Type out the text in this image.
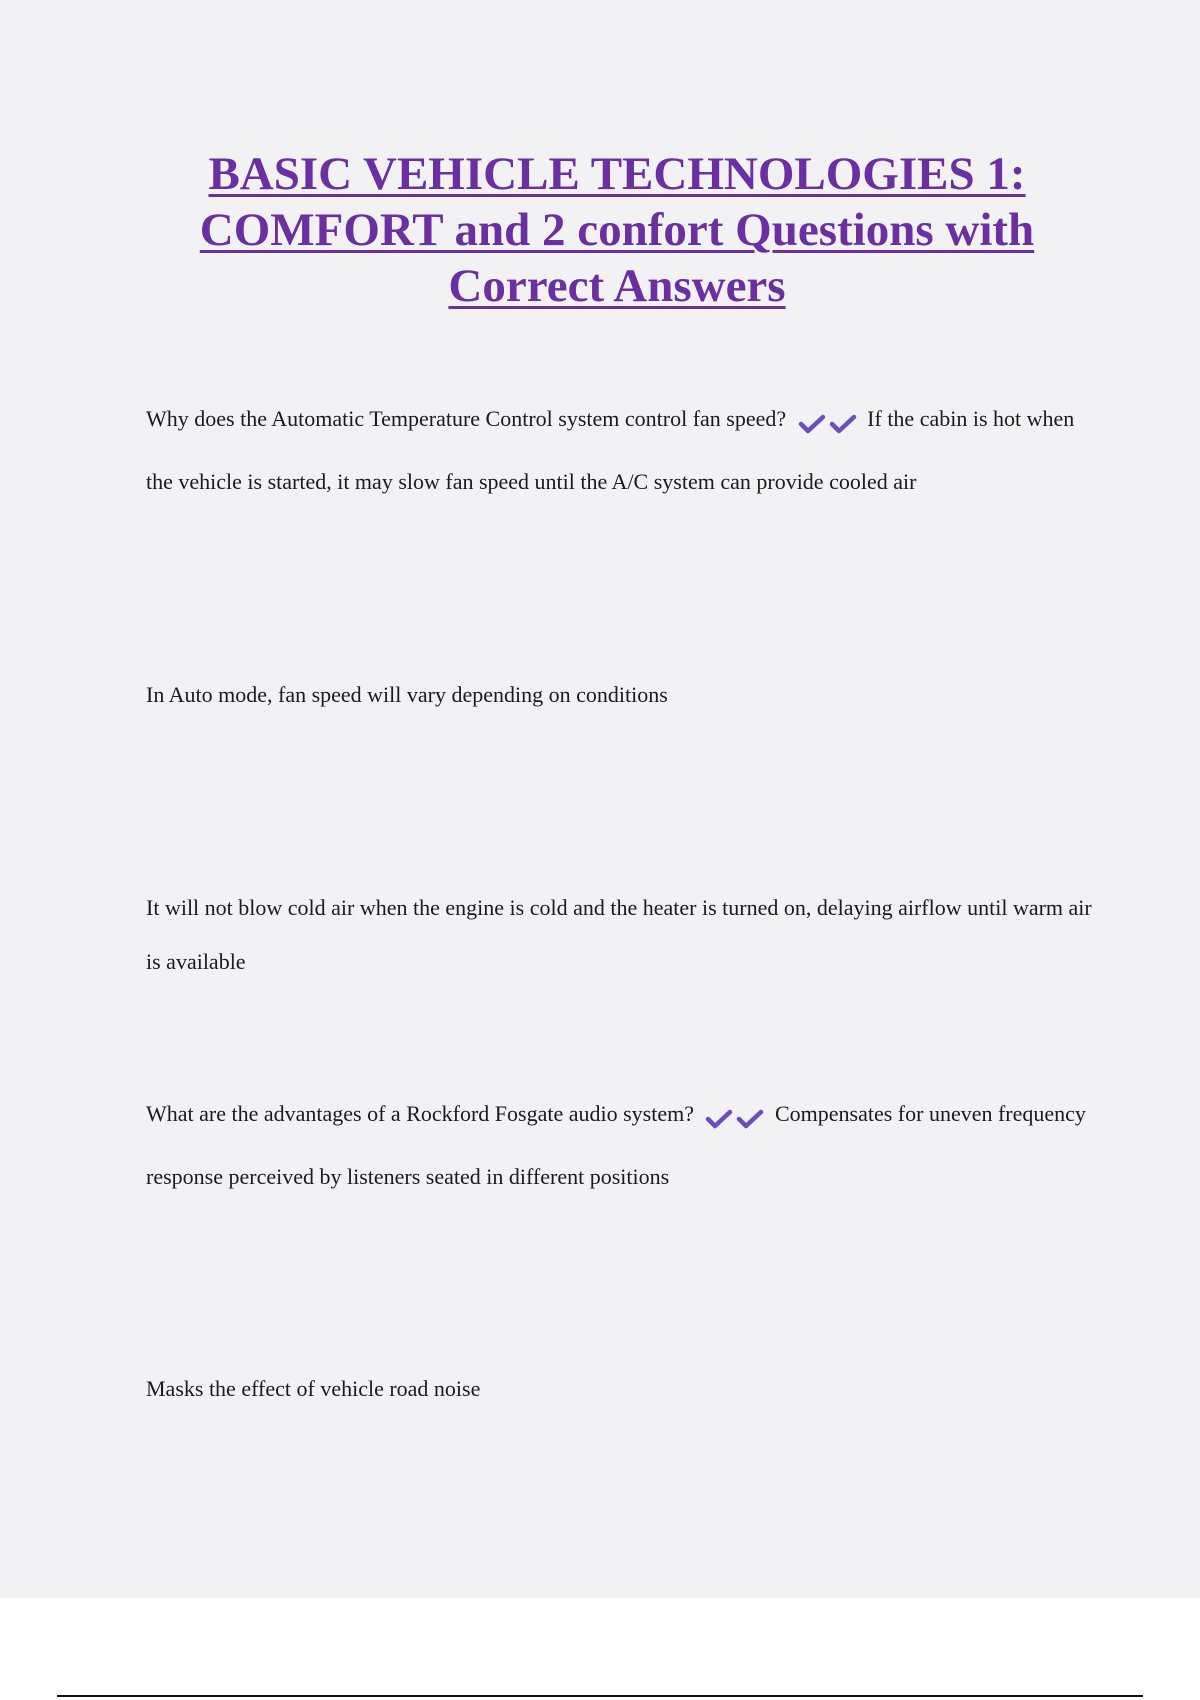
BASIC VEHICLE TECHNOLOGIES 1: COMFORT and 2 confort Questions with Correct Answers

Why does the Automatic Temperature Control system control fan speed?	If the cabin is hot when the vehicle is started, it may slow fan speed until the A/C system can provide cooled air

In Auto mode, fan speed will vary depending on conditions

It will not blow cold air when the engine is cold and the heater is turned on, delaying airflow until warm air is available

What are the advantages of a Rockford Fosgate audio system?	Compensates for uneven frequency response perceived by listeners seated in different positions

Masks the effect of vehicle road noise
